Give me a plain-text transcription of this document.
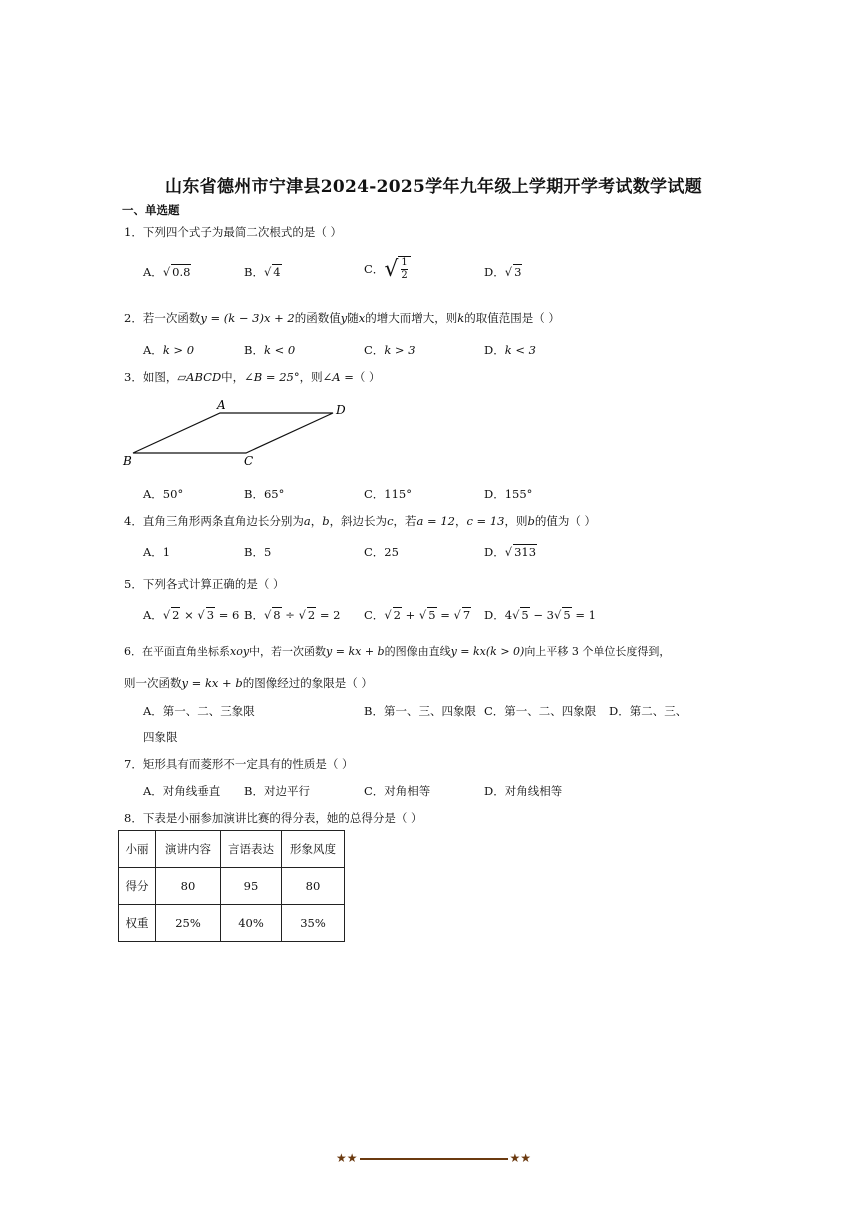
山东省德州市宁津县2024-2025学年九年级上学期开学考试数学试题
一、单选题
1．下列四个式子为最简二次根式的是（ ）
A． √ 0.8	B． √ 4	C． √ $\frac{1}{2}$	D． √ 3
2．若一次函数y = (k − 3)x + 2的函数值y随x的增大而增大，则k的取值范围是（ ）
A．k > 0	B．k < 0	C．k > 3	D．k < 3
3．如图，▱ABCD中，∠B = 25°，则∠A =（ ）
A	D
B	C
A．50°	B．65°	C．115°	D．155°
4．直角三角形两条直角边长分别为a，b，斜边长为c，若a = 12，c = 13，则b的值为（ ）
A．1	B．5	C．25	D． √ 313
5．下列各式计算正确的是（ ）
A． √ 2 × √ 3 = 6 B． √ 8 ÷ √ 2 = 2 C． √ 2 + √ 5 = √ 7 D．4 √ 5 − 3 √ 5 = 1
6．在平面直角坐标系xoy中，若一次函数y = kx + b的图像由直线y = kx(k > 0)向上平移 3 个单位长度得到，
则一次函数y = kx + b的图像经过的象限是（ ）
A．第一、二、三象限	B．第一、三、四象限 C．第一、二、四象限 D．第二、三、
四象限
7．矩形具有而菱形不一定具有的性质是（ ）
A．对角线垂直 B．对边平行	C．对角相等	D．对角线相等
8．下表是小丽参加演讲比赛的得分表，她的总得分是（ ）
小丽	演讲内容	言语表达	形象风度
得分	80	95	80
权重	25%	40%	35%
★★	★★
